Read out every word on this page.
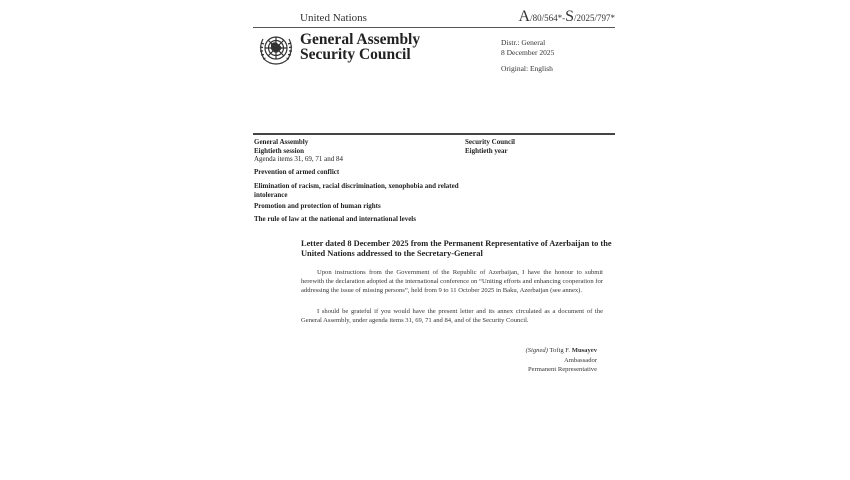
United Nations	A/80/564*-S/2025/797*
General Assembly
Security Council
Distr.: General
8 December 2025
Original: English
General Assembly
Eightieth session
Agenda items 31, 69, 71 and 84
Security Council
Eightieth year
Prevention of armed conflict
Elimination of racism, racial discrimination, xenophobia and related intolerance
Promotion and protection of human rights
The rule of law at the national and international levels
Letter dated 8 December 2025 from the Permanent Representative of Azerbaijan to the United Nations addressed to the Secretary-General
Upon instructions from the Government of the Republic of Azerbaijan, I have the honour to submit herewith the declaration adopted at the international conference on “Uniting efforts and enhancing cooperation for addressing the issue of missing persons”, held from 9 to 11 October 2025 in Baku, Azerbaijan (see annex).
I should be grateful if you would have the present letter and its annex circulated as a document of the General Assembly, under agenda items 31, 69, 71 and 84, and of the Security Council.
(Signed) Tofig F. Musayev
Ambassador
Permanent Representative
